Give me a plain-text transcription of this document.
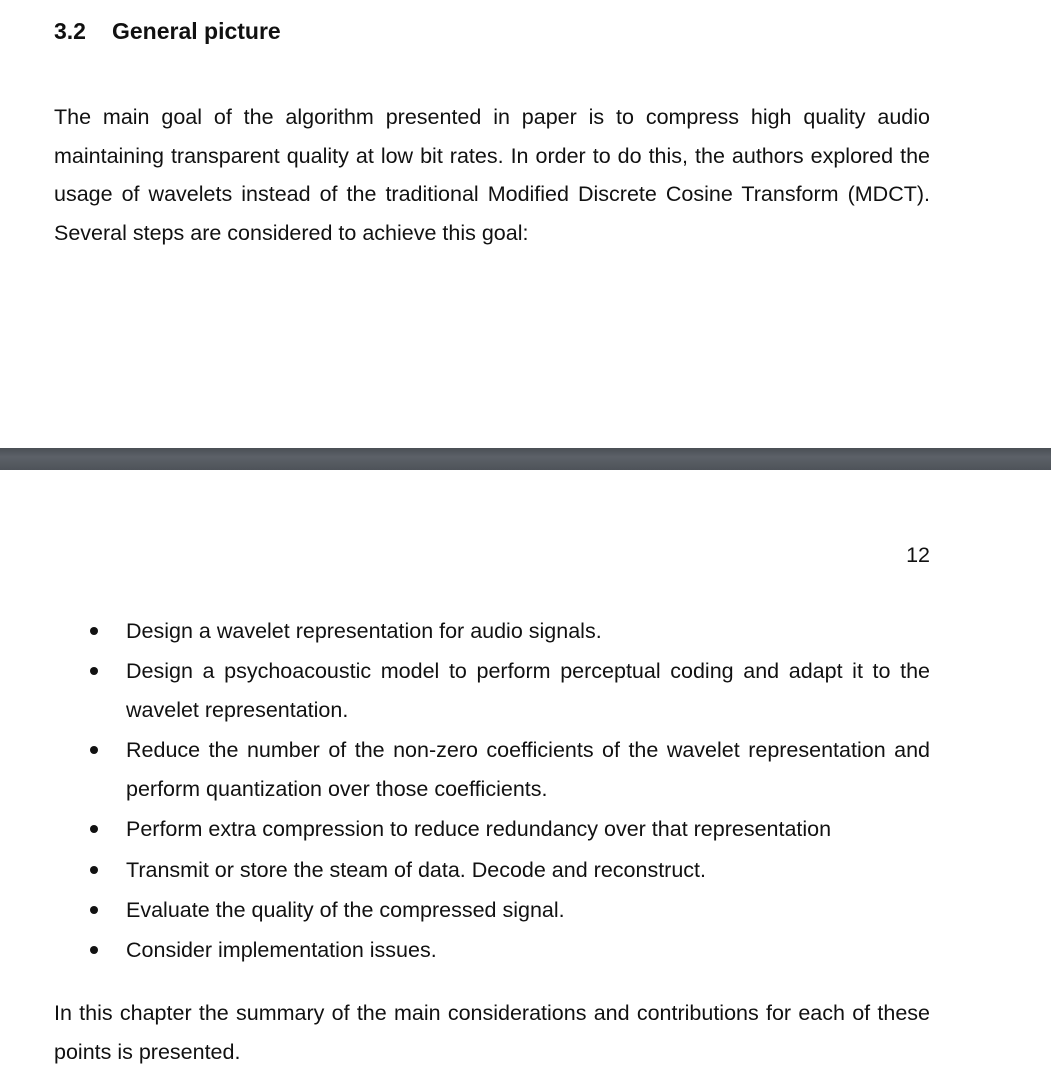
3.2 General picture

The main goal of the algorithm presented in paper is to compress high quality audio maintaining transparent quality at low bit rates. In order to do this, the authors explored the usage of wavelets instead of the traditional Modified Discrete Cosine Transform (MDCT). Several steps are considered to achieve this goal:

12
Design a wavelet representation for audio signals.
Design a psychoacoustic model to perform perceptual coding and adapt it to the wavelet representation.
Reduce the number of the non-zero coefficients of the wavelet representation and perform quantization over those coefficients.
Perform extra compression to reduce redundancy over that representation
Transmit or store the steam of data. Decode and reconstruct.
Evaluate the quality of the compressed signal.
Consider implementation issues.

In this chapter the summary of the main considerations and contributions for each of these points is presented.
